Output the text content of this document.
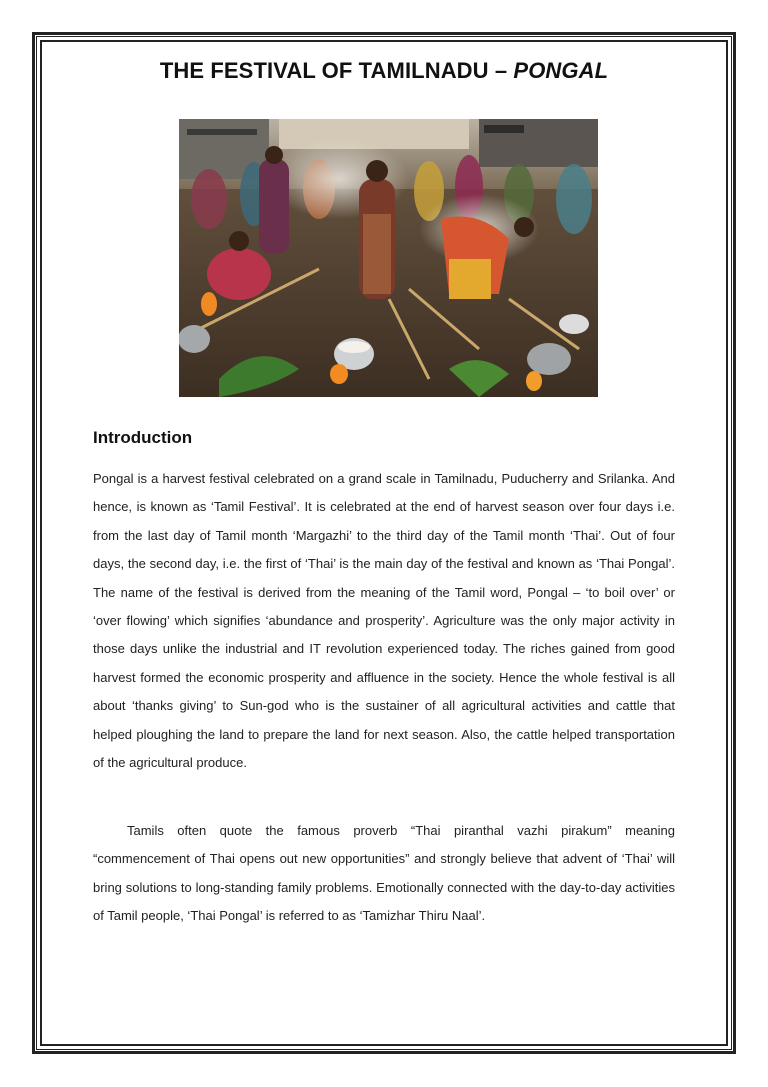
THE FESTIVAL OF TAMILNADU – PONGAL
Introduction

Pongal is a harvest festival celebrated on a grand scale in Tamilnadu, Puducherry and Srilanka. And hence, is known as ‘Tamil Festival’. It is celebrated at the end of harvest season over four days i.e. from the last day of Tamil month ‘Margazhi’ to the third day of the Tamil month ‘Thai’. Out of four days, the second day, i.e. the first of ‘Thai’ is the main day of the festival and known as ‘Thai Pongal’. The name of the festival is derived from the meaning of the Tamil word, Pongal – ‘to boil over’ or ‘over flowing’ which signifies ‘abundance and prosperity’. Agriculture was the only major activity in those days unlike the industrial and IT revolution experienced today. The riches gained from good harvest formed the economic prosperity and affluence in the society. Hence the whole festival is all about ‘thanks giving’ to Sun-god who is the sustainer of all agricultural activities and cattle that helped ploughing the land to prepare the land for next season. Also, the cattle helped transportation of the agricultural produce.

Tamils often quote the famous proverb “Thai piranthal vazhi pirakum” meaning “commencement of Thai opens out new opportunities” and strongly believe that advent of ‘Thai’ will bring solutions to long-standing family problems. Emotionally connected with the day-to-day activities of Tamil people, ‘Thai Pongal’ is referred to as ‘Tamizhar Thiru Naal’.
